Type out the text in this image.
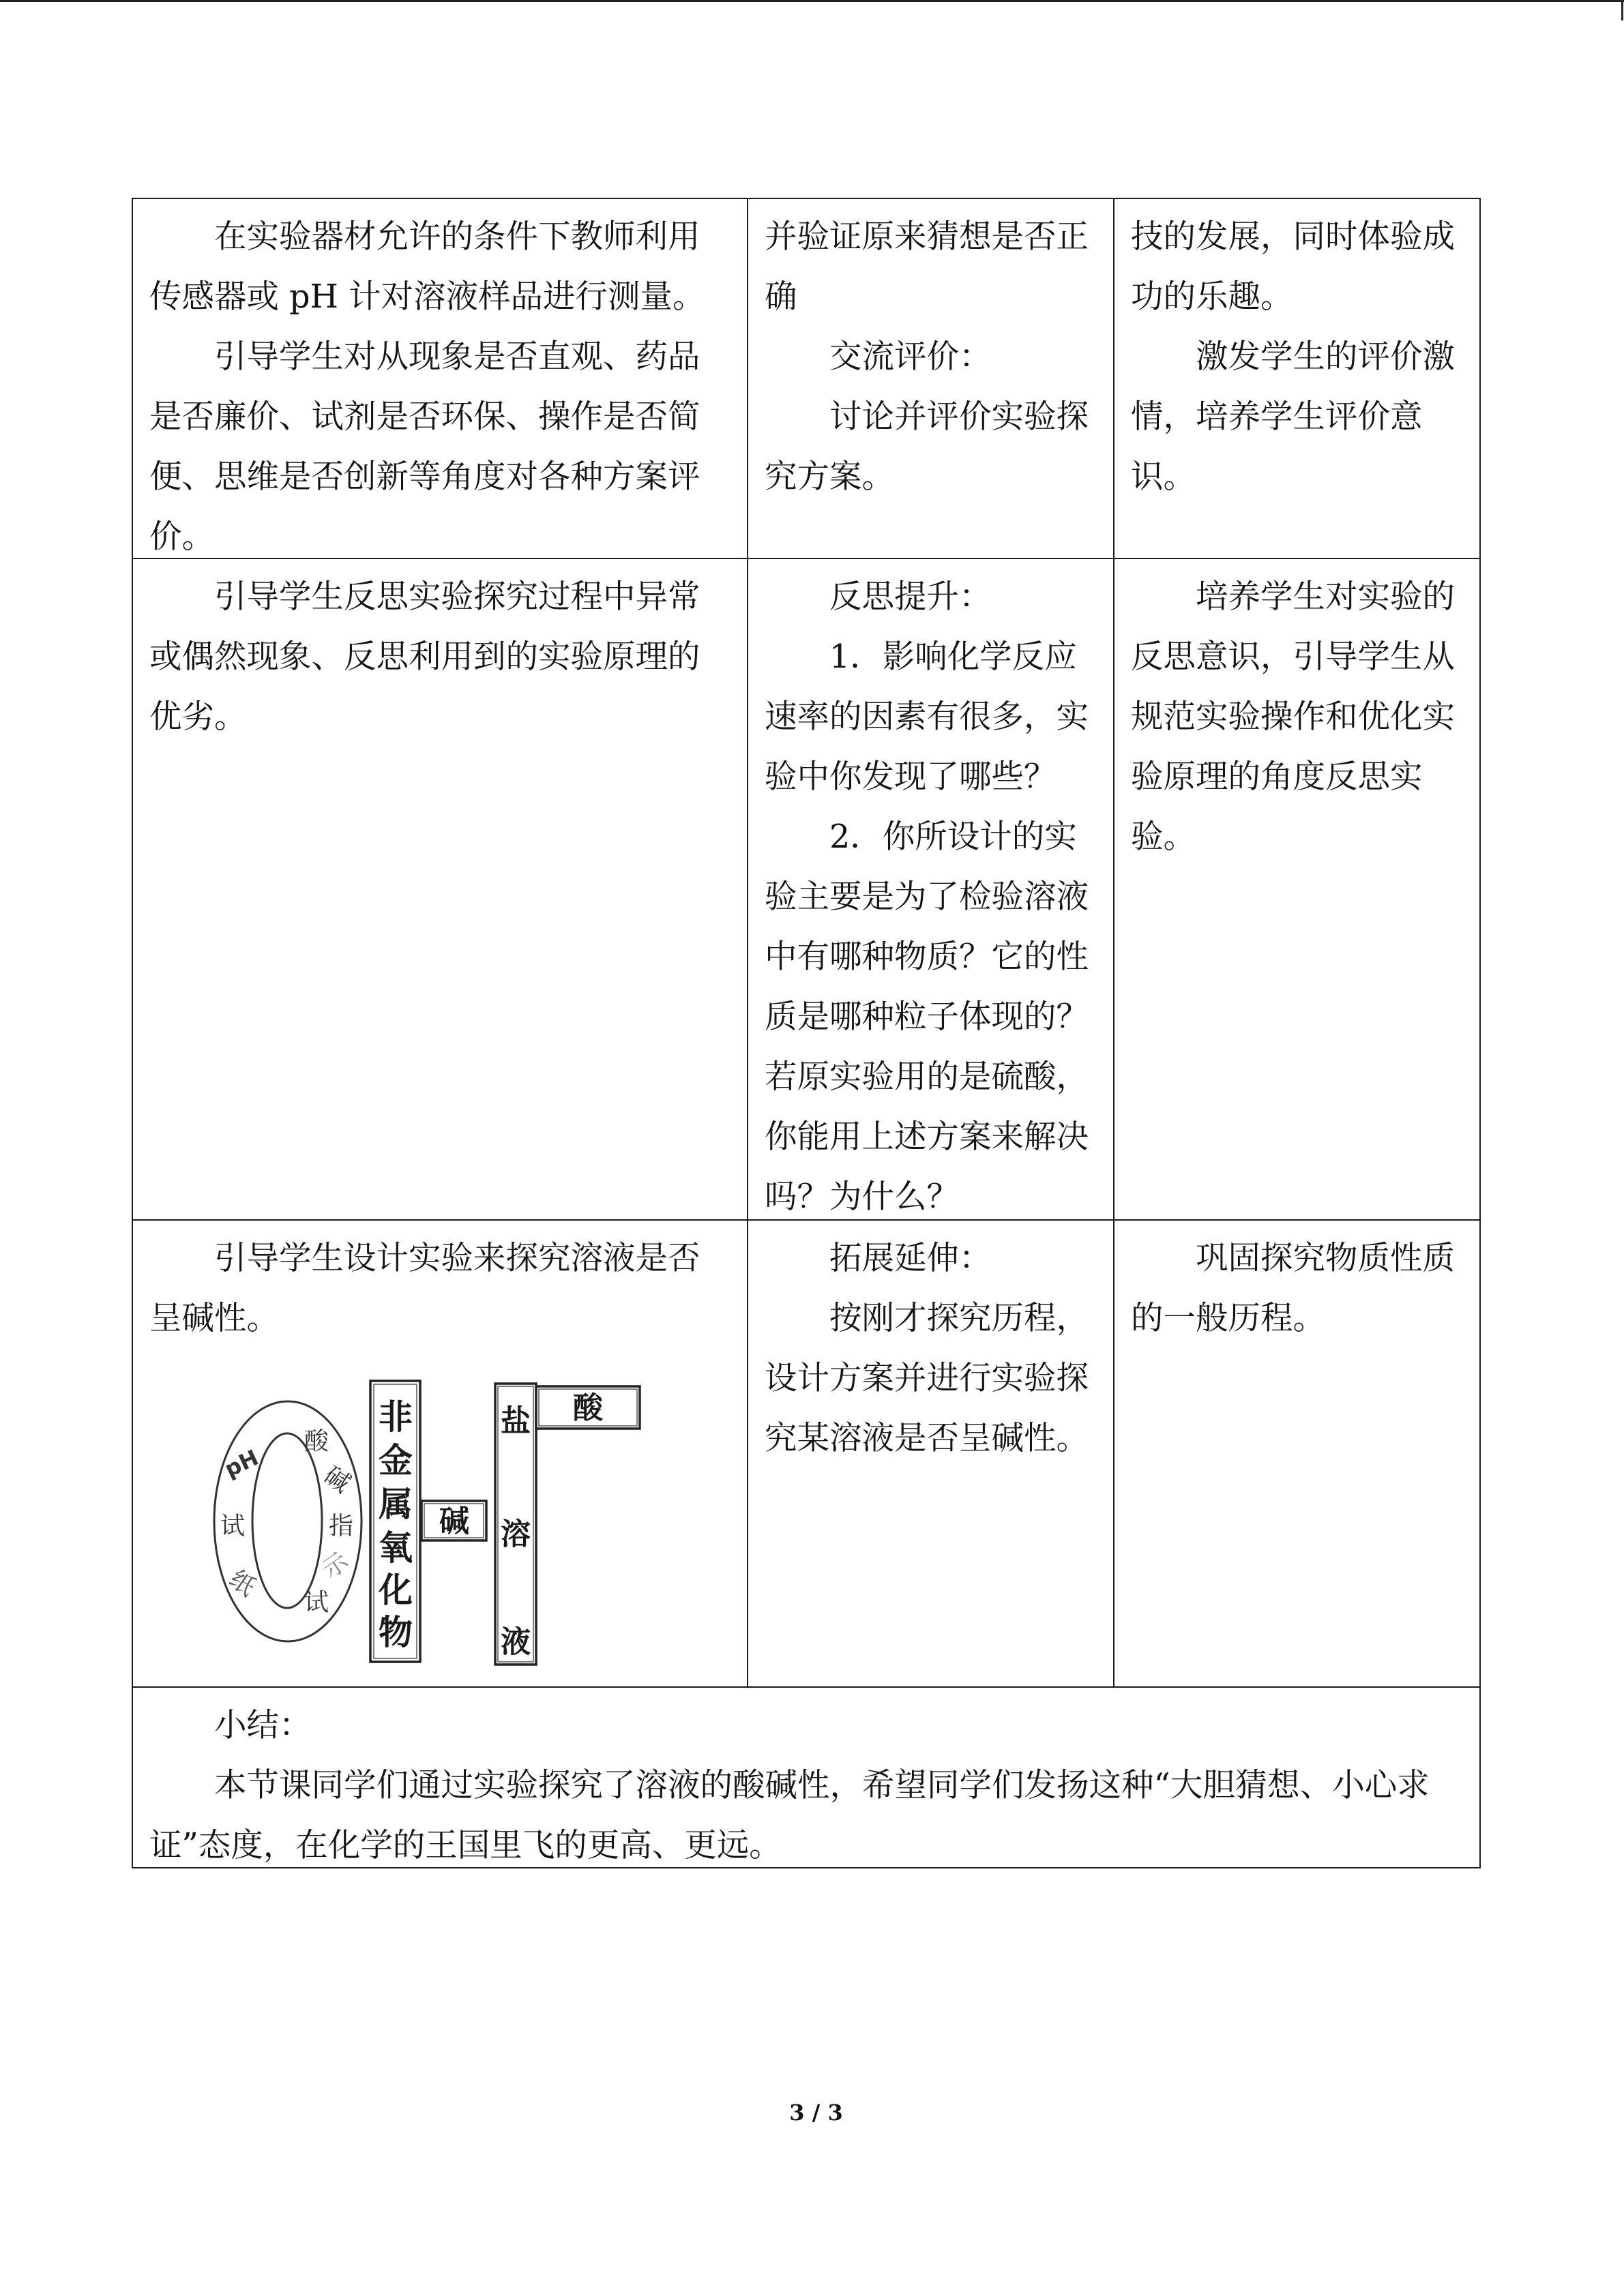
在实验器材允许的条件下教师利用
传感器或 pH 计对溶液样品进行测量。
引导学生对从现象是否直观、药品
是否廉价、试剂是否环保、操作是否简
便、思维是否创新等角度对各种方案评
价。
并验证原来猜想是否正
确
交流评价：
讨论并评价实验探
究方案。
技的发展，同时体验成
功的乐趣。
激发学生的评价激
情，培养学生评价意
识。
引导学生反思实验探究过程中异常
或偶然现象、反思利用到的实验原理的
优劣。
反思提升：
1．影响化学反应
速率的因素有很多，实
验中你发现了哪些？
2．你所设计的实
验主要是为了检验溶液
中有哪种物质？它的性
质是哪种粒子体现的？
若原实验用的是硫酸，
你能用上述方案来解决
吗？为什么？
培养学生对实验的
反思意识，引导学生从
规范实验操作和优化实
验原理的角度反思实
验。
引导学生设计实验来探究溶液是否
呈碱性。
拓展延伸：
按刚才探究历程，
设计方案并进行实验探
究某溶液是否呈碱性。
巩固探究物质性质
的一般历程。
酸
碱
指
示
试
pH
试
纸
非
金
属
氧
化
物
碱
盐
溶
液
酸
小结：
本节课同学们通过实验探究了溶液的酸碱性，希望同学们发扬这种“大胆猜想、小心求
证”态度，在化学的王国里飞的更高、更远。
3 / 3
